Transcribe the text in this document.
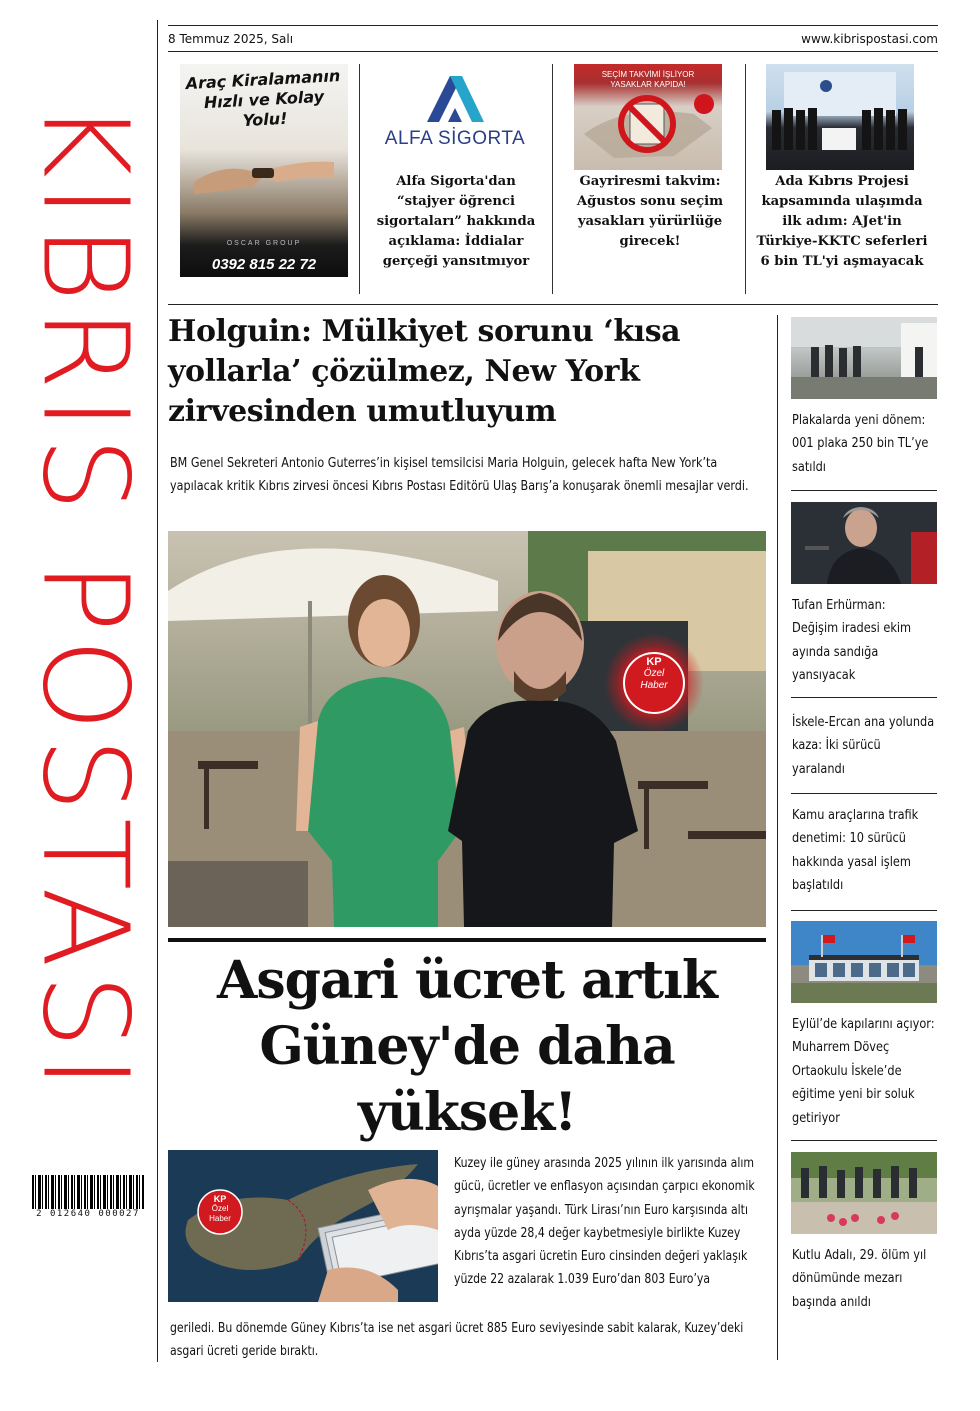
KIBRIS POSTASI
2 012640 000027
8 Temmuz 2025, Salı	www.kibrispostasi.com
Araç Kiralamanın
Hızlı ve Kolay
Yolu!
OSCAR GROUP
0392 815 22 72
ALFA SİGORTA
Alfa Sigorta'dan “stajyer öğrenci sigortaları” hakkında açıklama: İddialar gerçeği yansıtmıyor
SEÇİM TAKVİMİ İŞLİYOR YASAKLAR KAPIDA!
Gayriresmi takvim: Ağustos sonu seçim yasakları yürürlüğe girecek!
Ada Kıbrıs Projesi kapsamında ulaşımda ilk adım: AJet'in Türkiye-KKTC seferleri 6 bin TL'yi aşmayacak
Holguin: Mülkiyet sorunu ‘kısa yollarla’ çözülmez, New York zirvesinden umutluyum
BM Genel Sekreteri Antonio Guterres’in kişisel temsilcisi Maria Holguin, gelecek hafta New York’ta yapılacak kritik Kıbrıs zirvesi öncesi Kıbrıs Postası Editörü Ulaş Barış’a konuşarak önemli mesajlar verdi.
KP
Özel
Haber
Asgari ücret artık Güney'de daha yüksek!
KP
Özel
Haber
Kuzey ile güney arasında 2025 yılının ilk yarısında alım gücü, ücretler ve enflasyon açısından çarpıcı ekonomik ayrışmalar yaşandı. Türk Lirası’nın Euro karşısında altı ayda yüzde 28,4 değer kaybetmesiyle birlikte Kuzey Kıbrıs’ta asgari ücretin Euro cinsinden değeri yaklaşık yüzde 22 azalarak 1.039 Euro’dan 803 Euro’ya
geriledi. Bu dönemde Güney Kıbrıs’ta ise net asgari ücret 885 Euro seviyesinde sabit kalarak, Kuzey’deki asgari ücreti geride bıraktı.
Plakalarda yeni dönem: 001 plaka 250 bin TL’ye satıldı
Tufan Erhürman: Değişim iradesi ekim ayında sandığa yansıyacak
İskele-Ercan ana yolunda kaza: İki sürücü yaralandı
Kamu araçlarına trafik denetimi: 10 sürücü hakkında yasal işlem başlatıldı
Eylül’de kapılarını açıyor: Muharrem Döveç Ortaokulu İskele’de eğitime yeni bir soluk getiriyor
Kutlu Adalı, 29. ölüm yıl dönümünde mezarı başında anıldı
